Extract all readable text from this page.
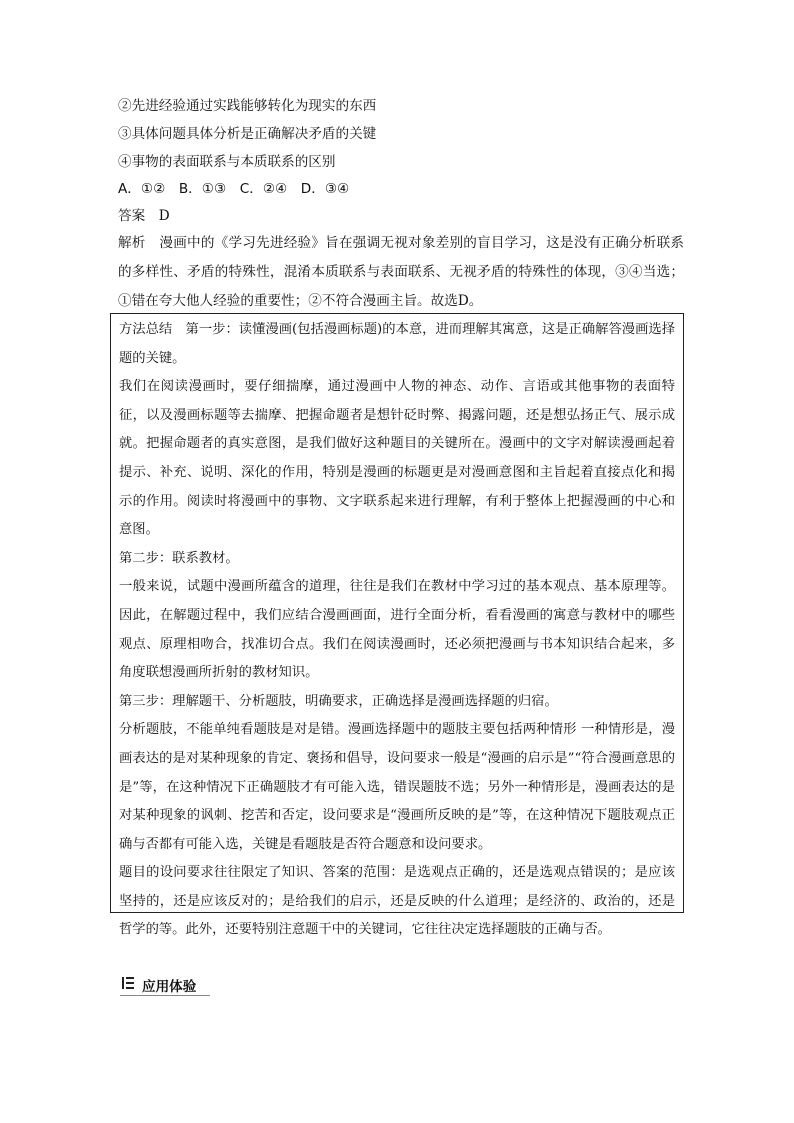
②先进经验通过实践能够转化为现实的东西
③具体问题具体分析是正确解决矛盾的关键
④事物的表面联系与本质联系的区别
A．①②　B．①③　C．②④　D．③④
答案　D
解析　漫画中的《学习先进经验》旨在强调无视对象差别的盲目学习，这是没有正确分析联系的多样性、矛盾的特殊性，混淆本质联系与表面联系、无视矛盾的特殊性的体现，③④当选；①错在夸大他人经验的重要性；②不符合漫画主旨。故选D。

方法总结　第一步：读懂漫画(包括漫画标题)的本意，进而理解其寓意，这是正确解答漫画选择题的关键。

我们在阅读漫画时，要仔细揣摩，通过漫画中人物的神态、动作、言语或其他事物的表面特征，以及漫画标题等去揣摩、把握命题者是想针砭时弊、揭露问题，还是想弘扬正气、展示成就。把握命题者的真实意图，是我们做好这种题目的关键所在。漫画中的文字对解读漫画起着提示、补充、说明、深化的作用，特别是漫画的标题更是对漫画意图和主旨起着直接点化和揭示的作用。阅读时将漫画中的事物、文字联系起来进行理解，有利于整体上把握漫画的中心和意图。

第二步：联系教材。

一般来说，试题中漫画所蕴含的道理，往往是我们在教材中学习过的基本观点、基本原理等。因此，在解题过程中，我们应结合漫画画面，进行全面分析，看看漫画的寓意与教材中的哪些观点、原理相吻合，找准切合点。我们在阅读漫画时，还必须把漫画与书本知识结合起来，多角度联想漫画所折射的教材知识。

第三步：理解题干、分析题肢，明确要求，正确选择是漫画选择题的归宿。

分析题肢，不能单纯看题肢是对是错。漫画选择题中的题肢主要包括两种情形 一种情形是，漫画表达的是对某种现象的肯定、褒扬和倡导，设问要求一般是“漫画的启示是”“符合漫画意思的是”等，在这种情况下正确题肢才有可能入选，错误题肢不选；另外一种情形是，漫画表达的是对某种现象的讽刺、挖苦和否定，设问要求是“漫画所反映的是”等，在这种情况下题肢观点正确与否都有可能入选，关键是看题肢是否符合题意和设问要求。

题目的设问要求往往限定了知识、答案的范围：是选观点正确的，还是选观点错误的；是应该坚持的，还是应该反对的；是给我们的启示，还是反映的什么道理；是经济的、政治的，还是哲学的等。此外，还要特别注意题干中的关键词，它往往决定选择题肢的正确与否。

应用体验
